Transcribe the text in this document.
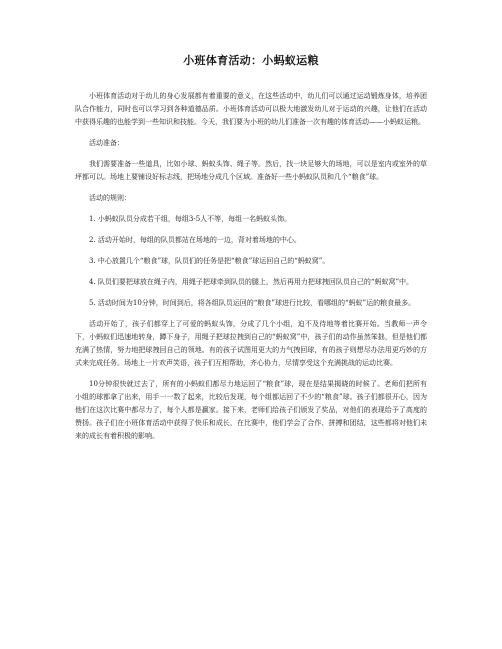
小班体育活动：小蚂蚁运粮

小班体育活动对于幼儿的身心发展都有着重要的意义，在这些活动中，幼儿们可以通过运动锻炼身体，培养团队合作能力，同时也可以学习到各种道德品质。小班体育活动可以极大地激发幼儿对于运动的兴趣，让他们在活动中获得乐趣的也能学到一些知识和技能。今天，我们要为小班的幼儿们准备一次有趣的体育活动——小蚂蚁运粮。

活动准备：

我们需要准备一些道具，比如小球、蚂蚁头饰、绳子等。然后，找一块足够大的场地，可以是室内或室外的草坪都可以。场地上要铺设好标志线，把场地分成几个区域。准备好一些小蚂蚁队员和几个“粮食”球。

活动的规则：

1. 小蚂蚁队员分成若干组，每组3-5人不等，每组一名蚂蚁头饰。

2. 活动开始时，每组的队员都站在场地的一边，背对着场地的中心。

3. 中心放置几个“粮食”球，队员们的任务是把“粮食”球运回自己的“蚂蚁窝”。

4. 队员们要把球放在绳子内，用绳子把球牵到队员的腿上，然后再用力把球拽回队员自己的“蚂蚁窝”中。

5. 活动时间为10分钟，时间到后，将各组队员运回的“粮食”球进行比较，看哪组的“蚂蚁”运的粮食最多。

活动开始了，孩子们都穿上了可爱的蚂蚁头饰，分成了几个小组，迫不及待地等着比赛开始。当教师一声令下，小蚂蚁们迅速地转身，蹲下身子，用绳子把球拉拽到自己的“蚂蚁窝”中，孩子们的动作虽然笨拙，但是他们都充满了热情，努力地把球拽回自己的领地。有的孩子试图用更大的力气拽回球，有的孩子则想尽办法用更巧妙的方式来完成任务。场地上一片欢声笑语，孩子们互相帮助，齐心协力，尽情享受这个充满挑战的运动比赛。

10分钟很快就过去了，所有的小蚂蚁们都尽力地运回了“粮食”球，现在是结果揭晓的时候了。老师们把所有小组的球都拿了出来，用手一一数了起来，比较后发现，每个组都运回了不少的“粮食”球。孩子们都很开心，因为他们在这次比赛中都尽力了，每个人都是赢家。接下来，老师们给孩子们颁发了奖品，对他们的表现给予了高度的赞扬。孩子们在小班体育活动中获得了快乐和成长，在比赛中，他们学会了合作、拼搏和团结，这些都将对他们未来的成长有着积极的影响。
